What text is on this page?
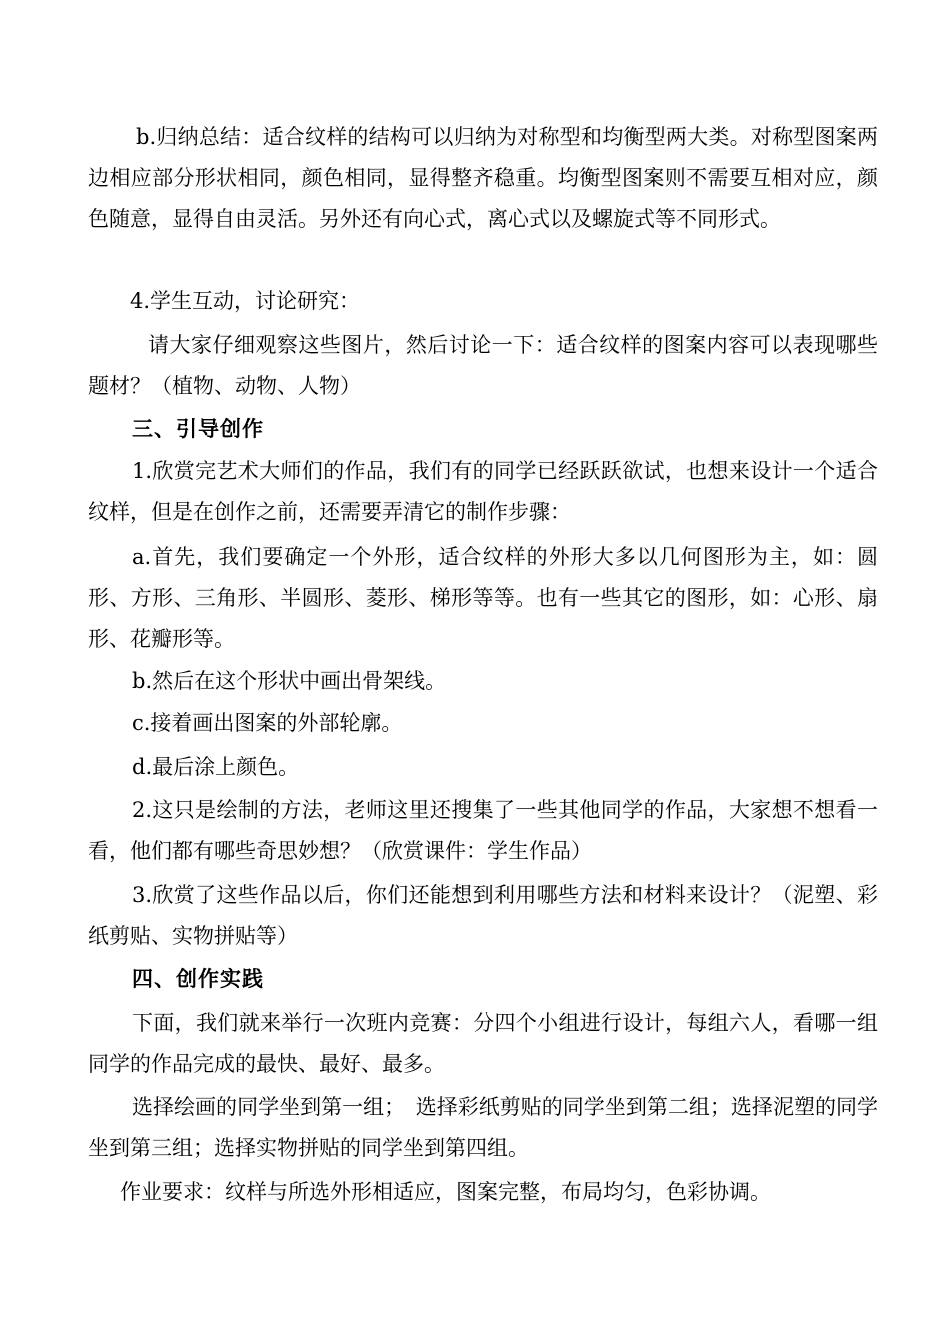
b.归纳总结：适合纹样的结构可以归纳为对称型和均衡型两大类。对称型图案两边相应部分形状相同，颜色相同，显得整齐稳重。均衡型图案则不需要互相对应，颜色随意，显得自由灵活。另外还有向心式，离心式以及螺旋式等不同形式。

4.学生互动，讨论研究：

请大家仔细观察这些图片，然后讨论一下：适合纹样的图案内容可以表现哪些题材？（植物、动物、人物）

三、引导创作

1.欣赏完艺术大师们的作品，我们有的同学已经跃跃欲试，也想来设计一个适合纹样，但是在创作之前，还需要弄清它的制作步骤：

a.首先，我们要确定一个外形，适合纹样的外形大多以几何图形为主，如：圆形、方形、三角形、半圆形、菱形、梯形等等。也有一些其它的图形，如：心形、扇形、花瓣形等。

b.然后在这个形状中画出骨架线。

c.接着画出图案的外部轮廓。

d.最后涂上颜色。

2.这只是绘制的方法，老师这里还搜集了一些其他同学的作品，大家想不想看一看，他们都有哪些奇思妙想？（欣赏课件：学生作品）

3.欣赏了这些作品以后，你们还能想到利用哪些方法和材料来设计？（泥塑、彩纸剪贴、实物拼贴等）

四、创作实践

下面，我们就来举行一次班内竞赛：分四个小组进行设计，每组六人，看哪一组同学的作品完成的最快、最好、最多。

选择绘画的同学坐到第一组；　选择彩纸剪贴的同学坐到第二组；选择泥塑的同学坐到第三组；选择实物拼贴的同学坐到第四组。

作业要求：纹样与所选外形相适应，图案完整，布局均匀，色彩协调。
